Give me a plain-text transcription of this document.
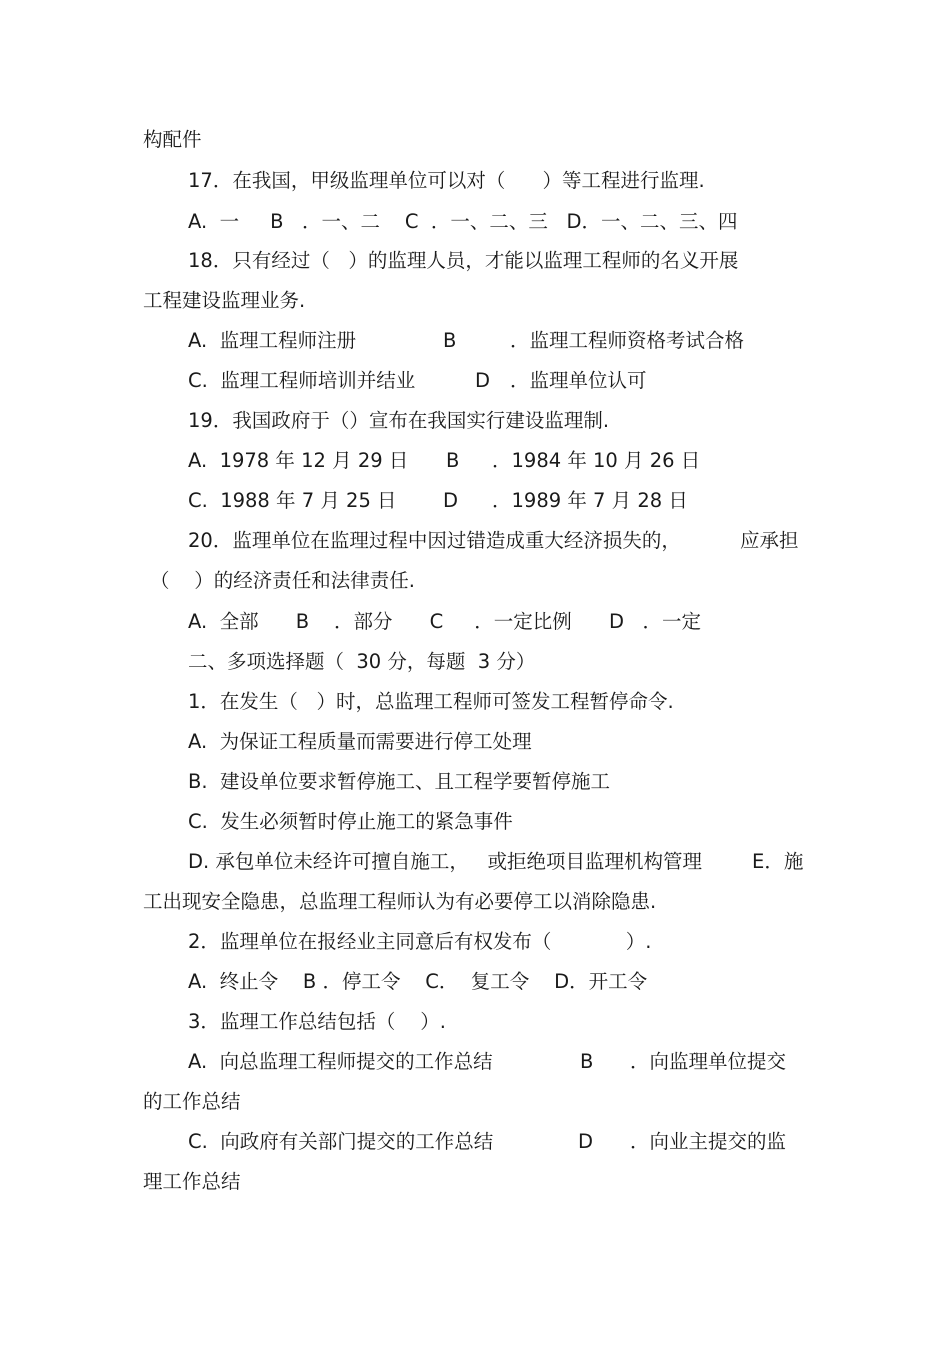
构配件
17．在我国，甲级监理单位可以对（      ）等工程进行监理.
A.  一     B   ．一、二    C  ．一、二、三   D．一、二、三、四
18．只有经过（   ）的监理人员，才能以监理工程师的名义开展
工程建设监理业务.
A.  监理工程师注册	B	．监理工程师资格考试合格
C.  监理工程师培训并结业	D ．监理单位认可
19．我国政府于（）宣布在我国实行建设监理制.
A.  1978 年 12 月 29 日 B ．1984 年 10 月 26 日
C.  1988 年 7 月 25 日 D ．1989 年 7 月 28 日
20．监理单位在监理过程中因过错造成重大经济损失的，	应承担
（    ）的经济责任和法律责任.
A.  全部      B    ．部分      C     ．一定比例      D   ．一定
二、多项选择题（  30 分，每题  3 分）
1．在发生（   ）时，总监理工程师可签发工程暂停命令.
A.  为保证工程质量而需要进行停工处理
B.  建设单位要求暂停施工、且工程学要暂停施工
C.  发生必须暂时停止施工的紧急事件
D. 承包单位未经许可擅自施工，   或拒绝项目监理机构管理	E．施
工出现安全隐患，总监理工程师认为有必要停工以消除隐患.
2．监理单位在报经业主同意后有权发布（            ）.
A.  终止令    B ．停工令    C．  复工令    D．开工令
3．监理工作总结包括（    ）.
A.  向总监理工程师提交的工作总结	B ．向监理单位提交
的工作总结
C.  向政府有关部门提交的工作总结	D ．向业主提交的监
理工作总结
